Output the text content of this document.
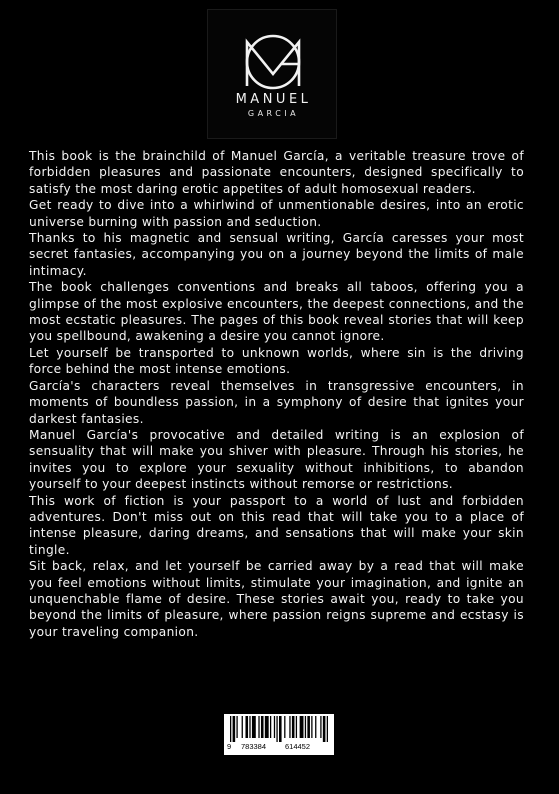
MANUEL
GARCIA

This book is the brainchild of Manuel García, a veritable treasure trove of forbidden pleasures and passionate encounters, designed specifically to satisfy the most daring erotic appetites of adult homosexual readers.

Get ready to dive into a whirlwind of unmentionable desires, into an erotic universe burning with passion and seduction.

Thanks to his magnetic and sensual writing, García caresses your most secret fantasies, accompanying you on a journey beyond the limits of male intimacy.

The book challenges conventions and breaks all taboos, offering you a glimpse of the most explosive encounters, the deepest connections, and the most ecstatic pleasures. The pages of this book reveal stories that will keep you spellbound, awakening a desire you cannot ignore.

Let yourself be transported to unknown worlds, where sin is the driving force behind the most intense emotions.

García's characters reveal themselves in transgressive encounters, in moments of boundless passion, in a symphony of desire that ignites your darkest fantasies.

Manuel García's provocative and detailed writing is an explosion of sensuality that will make you shiver with pleasure. Through his stories, he invites you to explore your sexuality without inhibitions, to abandon yourself to your deepest instincts without remorse or restrictions.

This work of fiction is your passport to a world of lust and forbidden adventures. Don't miss out on this read that will take you to a place of intense pleasure, daring dreams, and sensations that will make your skin tingle.

Sit back, relax, and let yourself be carried away by a read that will make you feel emotions without limits, stimulate your imagination, and ignite an unquenchable flame of desire. These stories await you, ready to take you beyond the limits of pleasure, where passion reigns supreme and ecstasy is your traveling companion.

9 783384	614452
